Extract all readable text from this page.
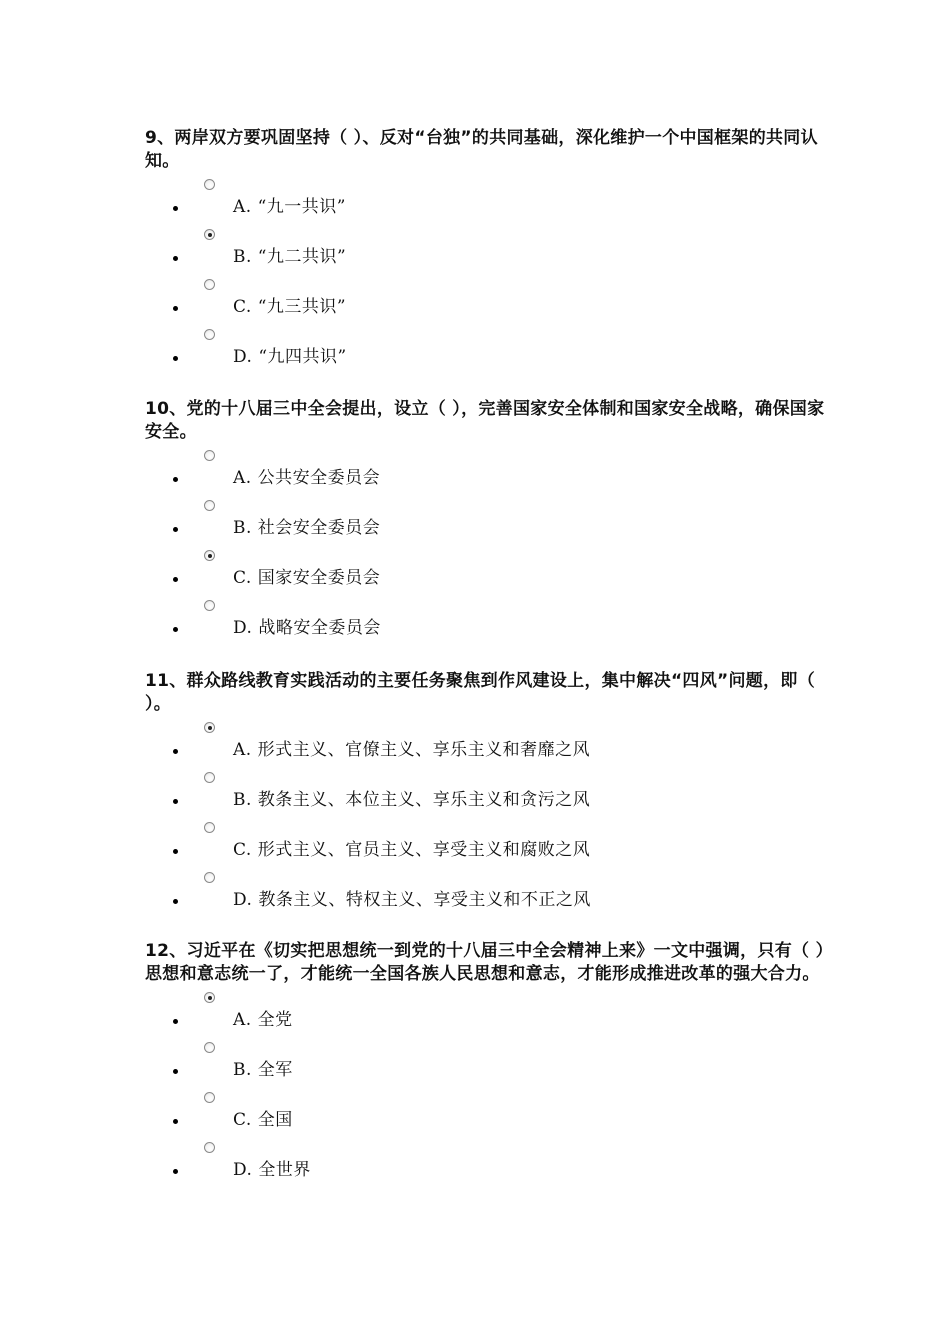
9、两岸双方要巩固坚持（ ）、反对“台独”的共同基础，深化维护一个中国框架的共同认知。

A. “九一共识”
B. “九二共识”
C. “九三共识”
D. “九四共识”

10、党的十八届三中全会提出，设立（ ），完善国家安全体制和国家安全战略，确保国家安全。

A. 公共安全委员会
B. 社会安全委员会
C. 国家安全委员会
D. 战略安全委员会

11、群众路线教育实践活动的主要任务聚焦到作风建设上，集中解决“四风”问题，即（ ）。

A. 形式主义、官僚主义、享乐主义和奢靡之风
B. 教条主义、本位主义、享乐主义和贪污之风
C. 形式主义、官员主义、享受主义和腐败之风
D. 教条主义、特权主义、享受主义和不正之风

12、习近平在《切实把思想统一到党的十八届三中全会精神上来》一文中强调，只有（ ）思想和意志统一了，才能统一全国各族人民思想和意志，才能形成推进改革的强大合力。

A. 全党
B. 全军
C. 全国
D. 全世界
